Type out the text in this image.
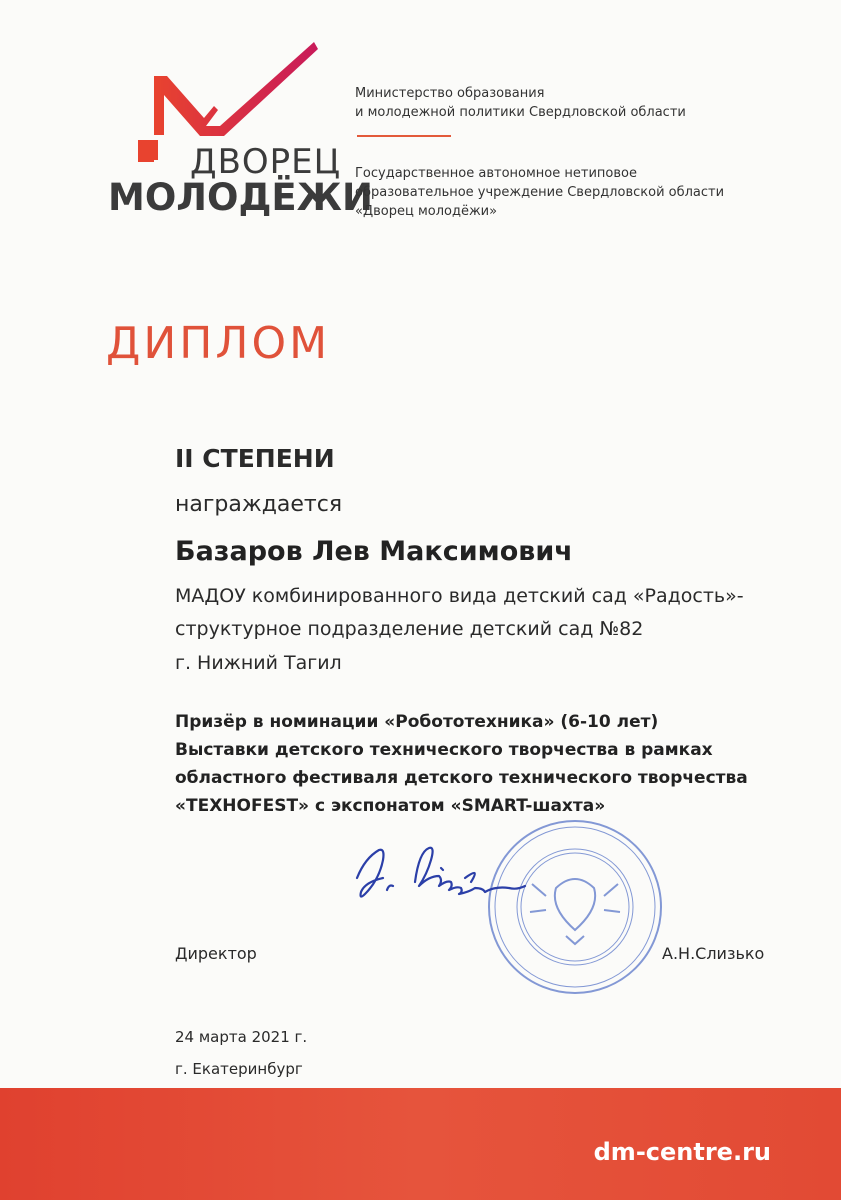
ДВОРЕЦ
МОЛОДЁЖИ
Министерство образования
и молодежной политики Свердловской области
Государственное автономное нетиповое
образовательное учреждение Свердловской области
«Дворец молодёжи»
ДИПЛОМ
II СТЕПЕНИ
награждается
Базаров Лев Максимович
МАДОУ комбинированного вида детский сад «Радость»-
структурное подразделение детский сад №82
г. Нижний Тагил
Призёр в номинации «Робототехника» (6-10 лет)
Выставки детского технического творчества в рамках
областного фестиваля детского технического творчества
«ТЕХНОFEST» с экспонатом «SMART-шахта»
Директор	А.Н.Слизько
24 марта 2021 г.
г. Екатеринбург
dm-centre.ru
